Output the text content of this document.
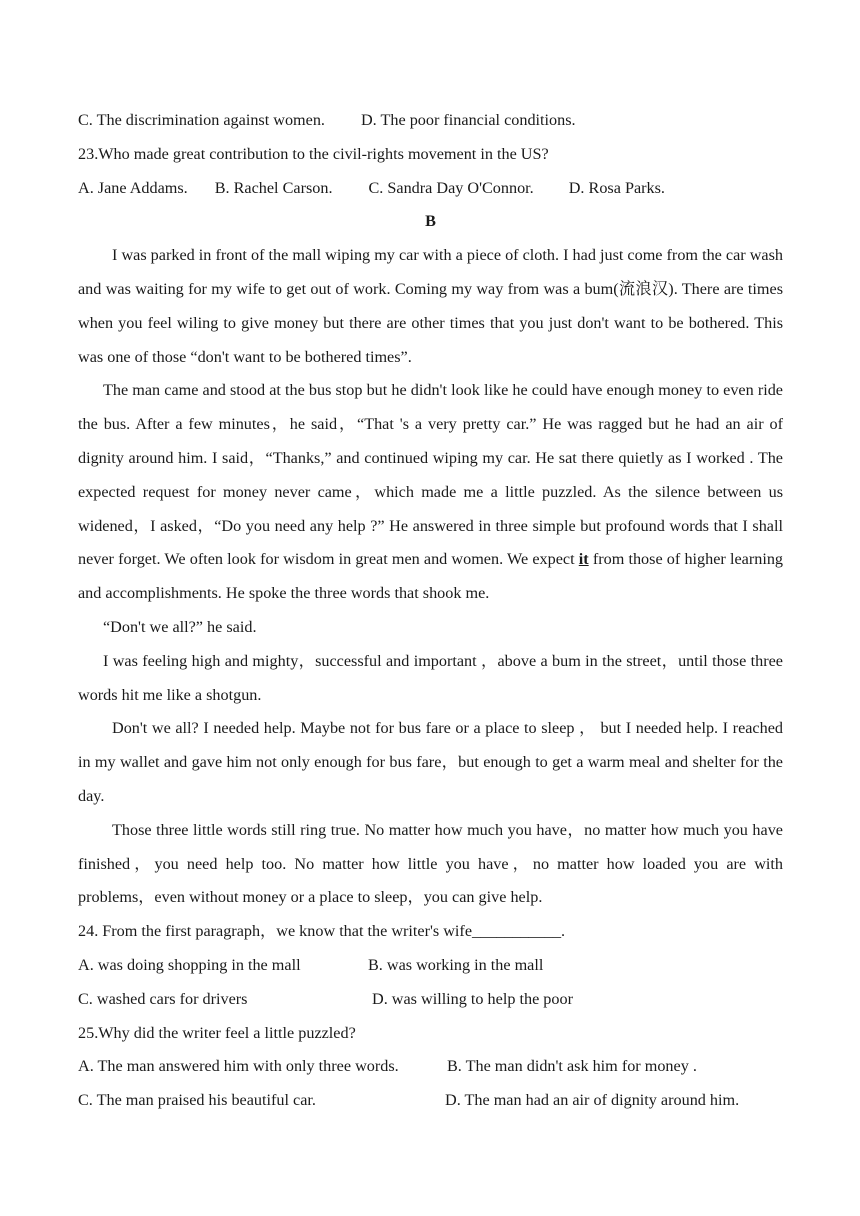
C. The discrimination against women. D. The poor financial conditions.
23.Who made great contribution to the civil-rights movement in the US?
A. Jane Addams. B. Rachel Carson. C. Sandra Day O'Connor. D. Rosa Parks.
B

I was parked in front of the mall wiping my car with a piece of cloth. I had just come from the car wash and was waiting for my wife to get out of work. Coming my way from was a bum(流浪汉). There are times when you feel wiling to give money but there are other times that you just don't want to be bothered. This was one of those “don't want to be bothered times”.

The man came and stood at the bus stop but he didn't look like he could have enough money to even ride the bus. After a few minutes，he said，“That 's a very pretty car.” He was ragged but he had an air of dignity around him. I said，“Thanks,” and continued wiping my car. He sat there quietly as I worked . The expected request for money never came，which made me a little puzzled. As the silence between us widened，I asked，“Do you need any help ?” He answered in three simple but profound words that I shall never forget. We often look for wisdom in great men and women. We expect it from those of higher learning and accomplishments. He spoke the three words that shook me.

“Don't we all?” he said.

I was feeling high and mighty，successful and important ，above a bum in the street，until those three words hit me like a shotgun.

Don't we all? I needed help. Maybe not for bus fare or a place to sleep ， but I needed help. I reached in my wallet and gave him not only enough for bus fare，but enough to get a warm meal and shelter for the day.

Those three little words still ring true. No matter how much you have，no matter how much you have finished，you need help too. No matter how little you have，no matter how loaded you are with problems，even without money or a place to sleep，you can give help.

24. From the first paragraph，we know that the writer's wife___________.
A. was doing shopping in the mall	B. was working in the mall
C. washed cars for drivers	D. was willing to help the poor
25.Why did the writer feel a little puzzled?
A. The man answered him with only three words.	B. The man didn't ask him for money .
C. The man praised his beautiful car.	D. The man had an air of dignity around him.
